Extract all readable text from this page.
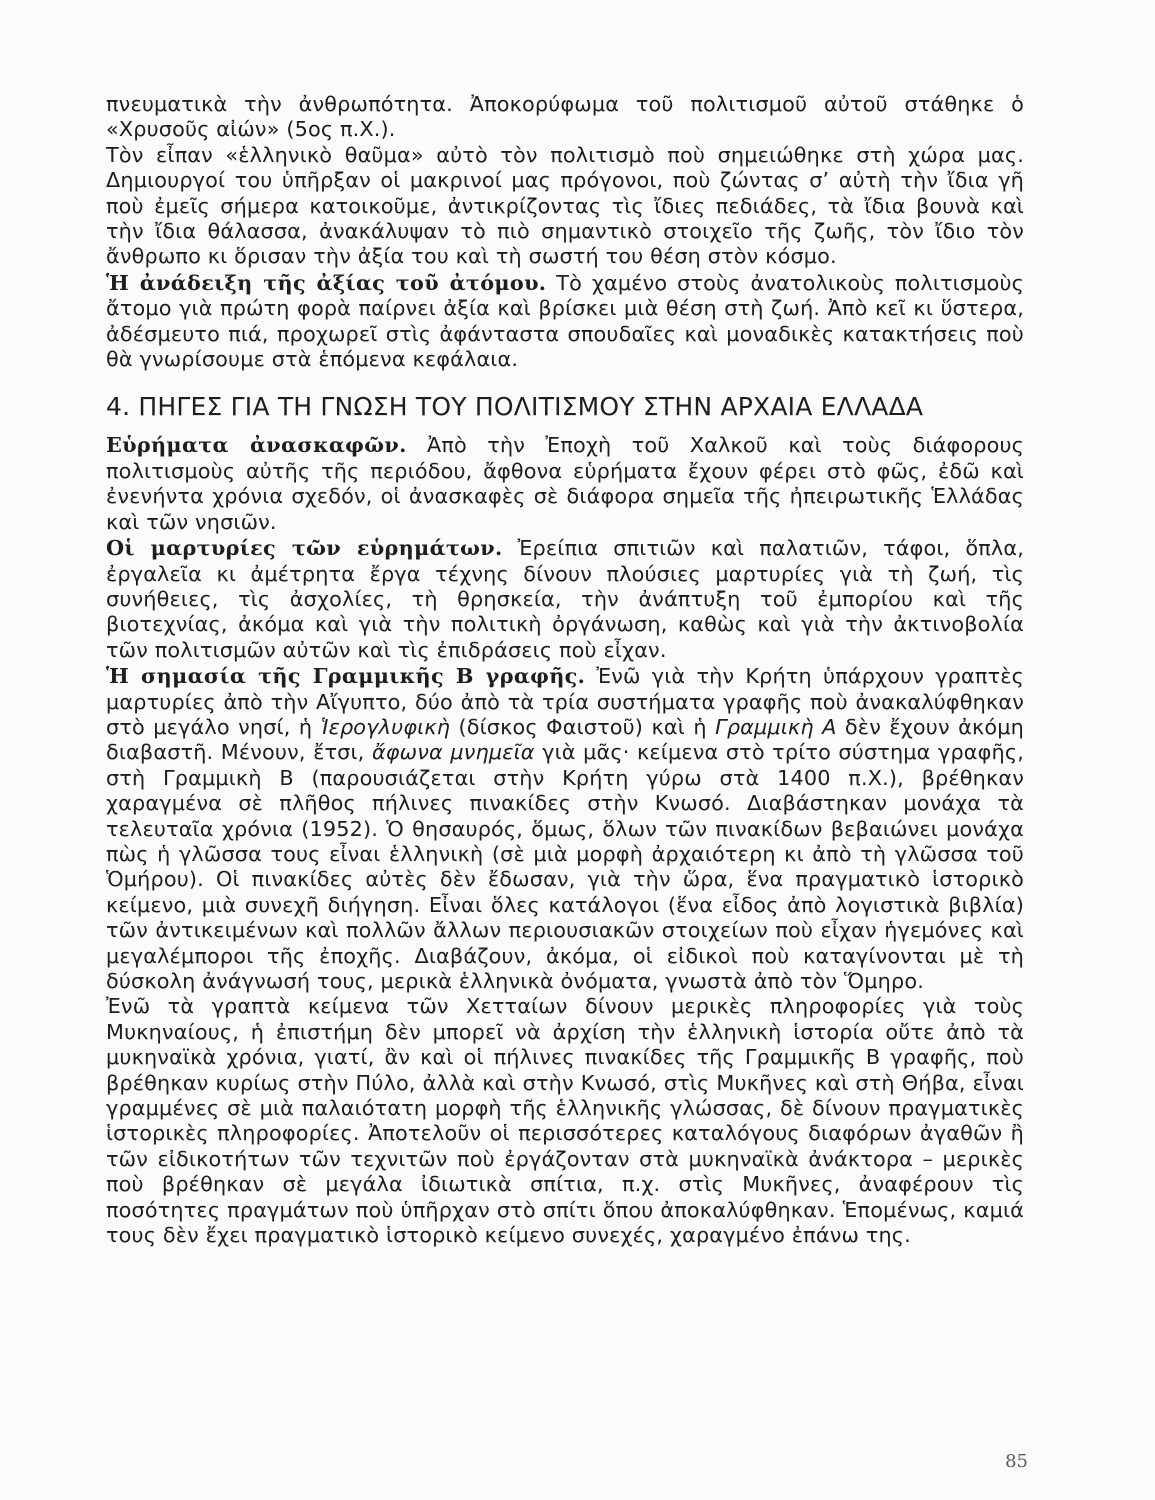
πνευματικὰ τὴν ἀνθρωπότητα. Ἀποκορύφωμα τοῦ πολιτισμοῦ αὐτοῦ στάθηκε ὁ «Χρυσοῦς αἰών» (5ος π.Χ.).

Τὸν εἶπαν «ἑλληνικὸ θαῦμα» αὐτὸ τὸν πολιτισμὸ ποὺ σημειώθηκε στὴ χώρα μας. Δημιουργοί του ὑπῆρξαν οἱ μακρινοί μας πρόγονοι, ποὺ ζώντας σ’ αὐτὴ τὴν ἴδια γῆ ποὺ ἐμεῖς σήμερα κατοικοῦμε, ἀντικρίζοντας τὶς ἴδιες πεδιάδες, τὰ ἴδια βουνὰ καὶ τὴν ἴδια θάλασσα, ἀνακάλυψαν τὸ πιὸ σημαντικὸ στοιχεῖο τῆς ζωῆς, τὸν ἴδιο τὸν ἄνθρωπο κι ὅρισαν τὴν ἀξία του καὶ τὴ σωστή του θέση στὸν κόσμο.

Ἡ ἀνάδειξη τῆς ἀξίας τοῦ ἀτόμου. Τὸ χαμένο στοὺς ἀνατολικοὺς πολιτισμοὺς ἄτομο γιὰ πρώτη φορὰ παίρνει ἀξία καὶ βρίσκει μιὰ θέση στὴ ζωή. Ἀπὸ κεῖ κι ὕστερα, ἀδέσμευτο πιά, προχωρεῖ στὶς ἀφάνταστα σπουδαῖες καὶ μοναδικὲς κατακτήσεις ποὺ θὰ γνωρίσουμε στὰ ἑπόμενα κεφάλαια.

4. ΠΗΓΕΣ ΓΙΑ ΤΗ ΓΝΩΣΗ ΤΟΥ ΠΟΛΙΤΙΣΜΟΥ ΣΤΗΝ ΑΡΧΑΙΑ ΕΛΛΑΔΑ

Εὑρήματα ἀνασκαφῶν. Ἀπὸ τὴν Ἐποχὴ τοῦ Χαλκοῦ καὶ τοὺς διάφορους πολιτισμοὺς αὐτῆς τῆς περιόδου, ἄφθονα εὑρήματα ἔχουν φέρει στὸ φῶς, ἐδῶ καὶ ἐνενήντα χρόνια σχεδόν, οἱ ἀνασκαφὲς σὲ διάφορα σημεῖα τῆς ἠπειρωτικῆς Ἑλλάδας καὶ τῶν νησιῶν.

Οἱ μαρτυρίες τῶν εὑρημάτων. Ἐρείπια σπιτιῶν καὶ παλατιῶν, τάφοι, ὅπλα, ἐργαλεῖα κι ἀμέτρητα ἔργα τέχνης δίνουν πλούσιες μαρτυρίες γιὰ τὴ ζωή, τὶς συνήθειες, τὶς ἀσχολίες, τὴ θρησκεία, τὴν ἀνάπτυξη τοῦ ἐμπορίου καὶ τῆς βιοτεχνίας, ἀκόμα καὶ γιὰ τὴν πολιτικὴ ὀργάνωση, καθὼς καὶ γιὰ τὴν ἀκτινοβολία τῶν πολιτισμῶν αὐτῶν καὶ τὶς ἐπιδράσεις ποὺ εἶχαν.

Ἡ σημασία τῆς Γραμμικῆς Β γραφῆς. Ἐνῶ γιὰ τὴν Κρήτη ὑπάρχουν γραπτὲς μαρτυρίες ἀπὸ τὴν Αἴγυπτο, δύο ἀπὸ τὰ τρία συστήματα γραφῆς ποὺ ἀνακαλύφθηκαν στὸ μεγάλο νησί, ἡ Ἱερογλυφικὴ (δίσκος Φαιστοῦ) καὶ ἡ Γραμμικὴ Α δὲν ἔχουν ἀκόμη διαβαστῆ. Μένουν, ἔτσι, ἄφωνα μνημεῖα γιὰ μᾶς· κείμενα στὸ τρίτο σύστημα γραφῆς, στὴ Γραμμικὴ Β (παρουσιάζεται στὴν Κρήτη γύρω στὰ 1400 π.Χ.), βρέθηκαν χαραγμένα σὲ πλῆθος πήλινες πινακίδες στὴν Κνωσό. Διαβάστηκαν μονάχα τὰ τελευταῖα χρόνια (1952). Ὁ θησαυρός, ὅμως, ὅλων τῶν πινακίδων βεβαιώνει μονάχα πὼς ἡ γλῶσσα τους εἶναι ἑλληνικὴ (σὲ μιὰ μορφὴ ἀρχαιότερη κι ἀπὸ τὴ γλῶσσα τοῦ Ὁμήρου). Οἱ πινακίδες αὐτὲς δὲν ἔδωσαν, γιὰ τὴν ὥρα, ἕνα πραγματικὸ ἱστορικὸ κείμενο, μιὰ συνεχῆ διήγηση. Εἶναι ὅλες κατάλογοι (ἕνα εἶδος ἀπὸ λογιστικὰ βιβλία) τῶν ἀντικειμένων καὶ πολλῶν ἄλλων περιουσιακῶν στοιχείων ποὺ εἶχαν ἡγεμόνες καὶ μεγαλέμποροι τῆς ἐποχῆς. Διαβάζουν, ἀκόμα, οἱ εἰδικοὶ ποὺ καταγίνονται μὲ τὴ δύσκολη ἀνάγνωσή τους, μερικὰ ἑλληνικὰ ὀνόματα, γνωστὰ ἀπὸ τὸν Ὅμηρο.

Ἐνῶ τὰ γραπτὰ κείμενα τῶν Χετταίων δίνουν μερικὲς πληροφορίες γιὰ τοὺς Μυκηναίους, ἡ ἐπιστήμη δὲν μπορεῖ νὰ ἀρχίση τὴν ἑλληνικὴ ἱστορία οὔτε ἀπὸ τὰ μυκηναϊκὰ χρόνια, γιατί, ἂν καὶ οἱ πήλινες πινακίδες τῆς Γραμμικῆς Β γραφῆς, ποὺ βρέθηκαν κυρίως στὴν Πύλο, ἀλλὰ καὶ στὴν Κνωσό, στὶς Μυκῆνες καὶ στὴ Θήβα, εἶναι γραμμένες σὲ μιὰ παλαιότατη μορφὴ τῆς ἑλληνικῆς γλώσσας, δὲ δίνουν πραγματικὲς ἱστορικὲς πληροφορίες. Ἀποτελοῦν οἱ περισσότερες καταλόγους διαφόρων ἀγαθῶν ἢ τῶν εἰδικοτήτων τῶν τεχνιτῶν ποὺ ἐργάζονταν στὰ μυκηναϊκὰ ἀνάκτορα – μερικὲς ποὺ βρέθηκαν σὲ μεγάλα ἰδιωτικὰ σπίτια, π.χ. στὶς Μυκῆνες, ἀναφέρουν τὶς ποσότητες πραγμάτων ποὺ ὑπῆρχαν στὸ σπίτι ὅπου ἀποκαλύφθηκαν. Ἑπομένως, καμιά τους δὲν ἔχει πραγματικὸ ἱστορικὸ κείμενο συνεχές, χαραγμένο ἐπάνω της.

85
